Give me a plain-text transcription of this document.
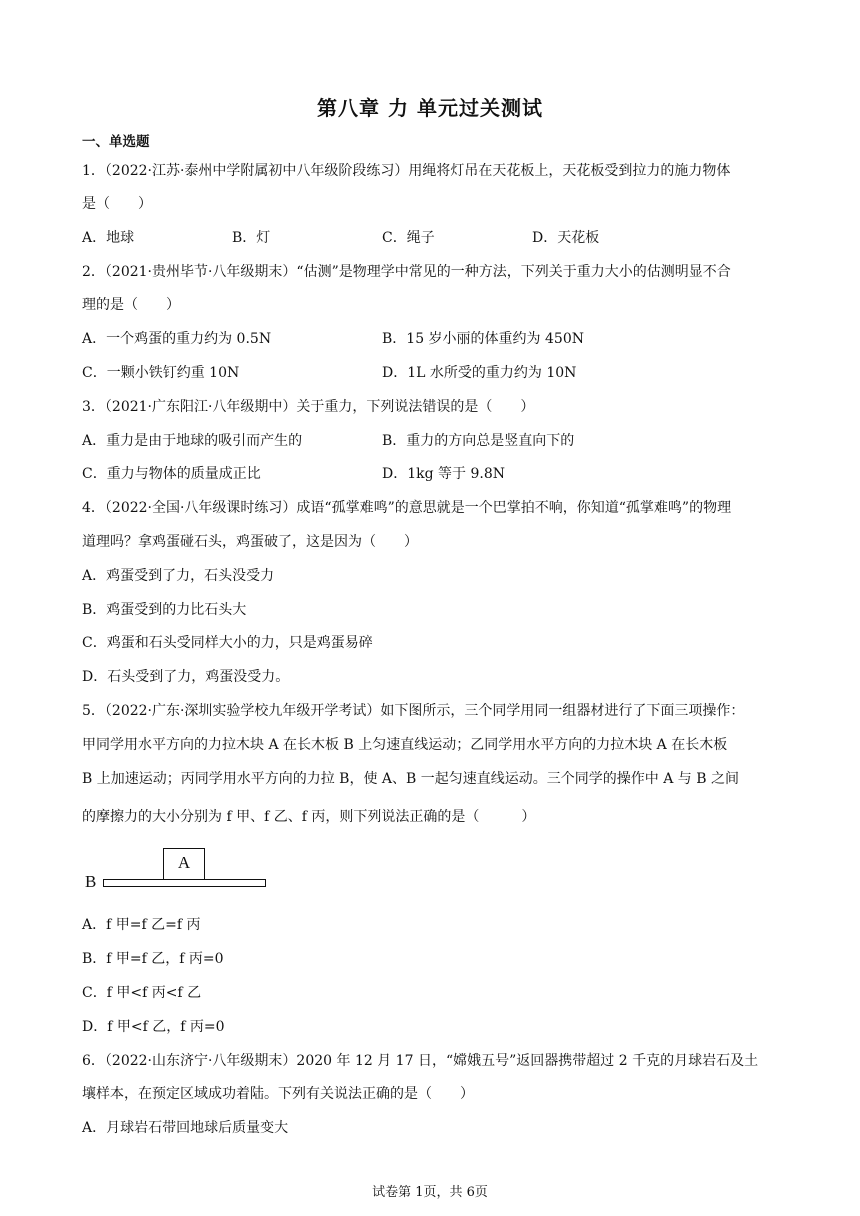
第八章 力 单元过关测试
一、单选题
1．（2022·江苏·泰州中学附属初中八年级阶段练习）用绳将灯吊在天花板上，天花板受到拉力的施力物体
是（　　）
A．地球	B．灯	C．绳子	D．天花板
2．（2021·贵州毕节·八年级期末）“估测”是物理学中常见的一种方法，下列关于重力大小的估测明显不合
理的是（　　）
A．一个鸡蛋的重力约为 0.5N	B．15 岁小丽的体重约为 450N
C．一颗小铁钉约重 10N	D．1L 水所受的重力约为 10N
3．（2021·广东阳江·八年级期中）关于重力，下列说法错误的是（　　）
A．重力是由于地球的吸引而产生的	B．重力的方向总是竖直向下的
C．重力与物体的质量成正比	D．1kg 等于 9.8N
4．（2022·全国·八年级课时练习）成语“孤掌难鸣”的意思就是一个巴掌拍不响，你知道“孤掌难鸣”的物理
道理吗？拿鸡蛋碰石头，鸡蛋破了，这是因为（　　）
A．鸡蛋受到了力，石头没受力
B．鸡蛋受到的力比石头大
C．鸡蛋和石头受同样大小的力，只是鸡蛋易碎
D．石头受到了力，鸡蛋没受力。
5．（2022·广东·深圳实验学校九年级开学考试）如下图所示，三个同学用同一组器材进行了下面三项操作：
甲同学用水平方向的力拉木块 A 在长木板 B 上匀速直线运动；乙同学用水平方向的力拉木块 A 在长木板
B 上加速运动；丙同学用水平方向的力拉 B，使 A、B 一起匀速直线运动。三个同学的操作中 A 与 B 之间
的摩擦力的大小分别为 f 甲、f 乙、f 丙，则下列说法正确的是（　　　）
B
A
A．f 甲=f 乙=f 丙
B．f 甲=f 乙，f 丙=0
C．f 甲<f 丙<f 乙
D．f 甲<f 乙，f 丙=0
6．（2022·山东济宁·八年级期末）2020 年 12 月 17 日，“嫦娥五号”返回器携带超过 2 千克的月球岩石及土
壤样本，在预定区域成功着陆。下列有关说法正确的是（　　）
A．月球岩石带回地球后质量变大
试卷第 1页，共 6页
